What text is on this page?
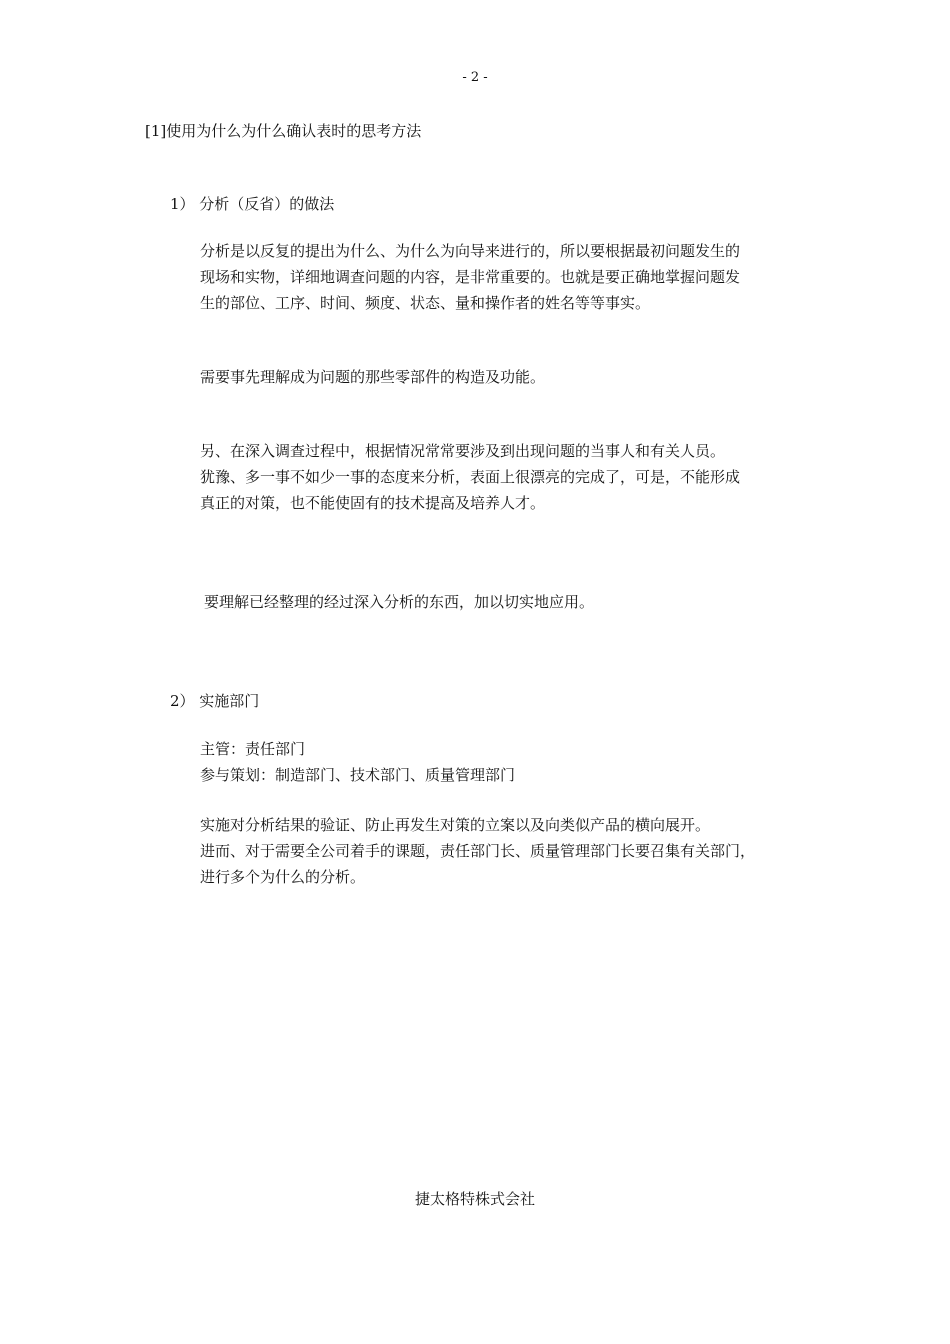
- 2 -
[1]使用为什么为什么确认表时的思考方法
1） 分析（反省）的做法
分析是以反复的提出为什么、为什么为向导来进行的，所以要根据最初问题发生的
现场和实物，详细地调查问题的内容，是非常重要的。也就是要正确地掌握问题发
生的部位、工序、时间、频度、状态、量和操作者的姓名等等事实。
需要事先理解成为问题的那些零部件的构造及功能。
另、在深入调查过程中，根据情况常常要涉及到出现问题的当事人和有关人员。
犹豫、多一事不如少一事的态度来分析，表面上很漂亮的完成了，可是，不能形成
真正的对策，也不能使固有的技术提高及培养人才。
要理解已经整理的经过深入分析的东西，加以切实地应用。
2） 实施部门
主管：责任部门
参与策划：制造部门、技术部门、质量管理部门
实施对分析结果的验证、防止再发生对策的立案以及向类似产品的横向展开。
进而、对于需要全公司着手的课题，责任部门长、质量管理部门长要召集有关部门，
进行多个为什么的分析。
捷太格特株式会社
